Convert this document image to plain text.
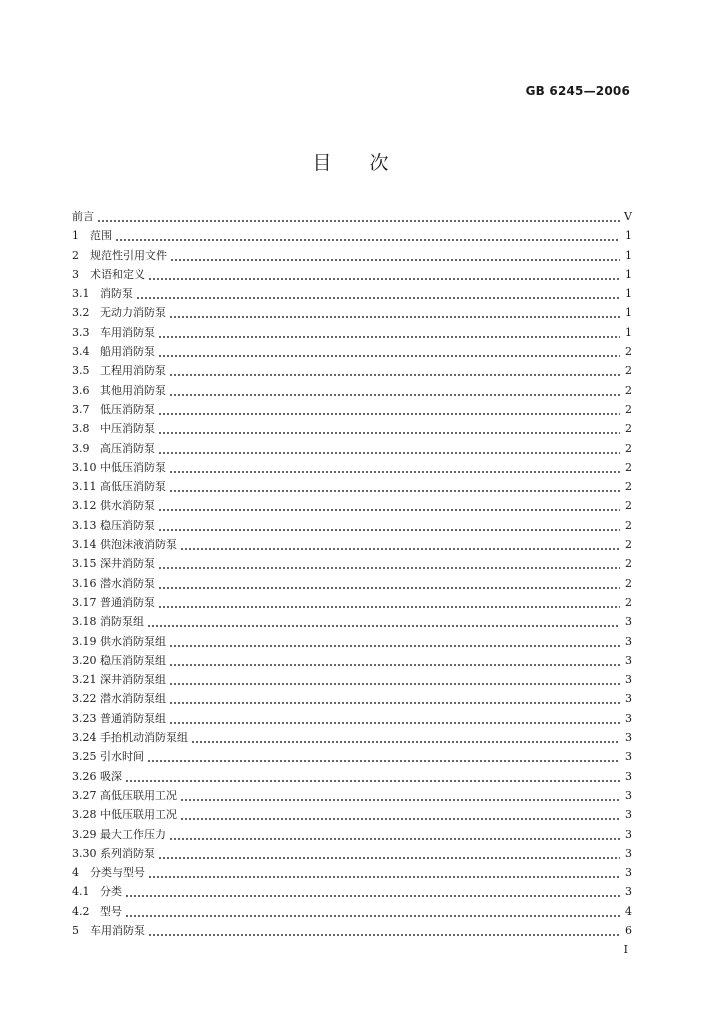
GB 6245—2006
目 次
前言	V
1	范围	1
2	规范性引用文件	1
3	术语和定义	1
3.1 消防泵	1
3.2 无动力消防泵	1
3.3 车用消防泵	1
3.4 船用消防泵	2
3.5 工程用消防泵	2
3.6 其他用消防泵	2
3.7 低压消防泵	2
3.8 中压消防泵	2
3.9 高压消防泵	2
3.10 中低压消防泵	2
3.11 高低压消防泵	2
3.12 供水消防泵	2
3.13 稳压消防泵	2
3.14 供泡沫液消防泵	2
3.15 深井消防泵	2
3.16 潜水消防泵	2
3.17 普通消防泵	2
3.18 消防泵组	3
3.19 供水消防泵组	3
3.20 稳压消防泵组	3
3.21 深井消防泵组	3
3.22 潜水消防泵组	3
3.23 普通消防泵组	3
3.24 手抬机动消防泵组	3
3.25 引水时间	3
3.26 吸深	3
3.27 高低压联用工况	3
3.28 中低压联用工况	3
3.29 最大工作压力	3
3.30 系列消防泵	3
4	分类与型号	3
4.1 分类	3
4.2 型号	4
5	车用消防泵	6
I
